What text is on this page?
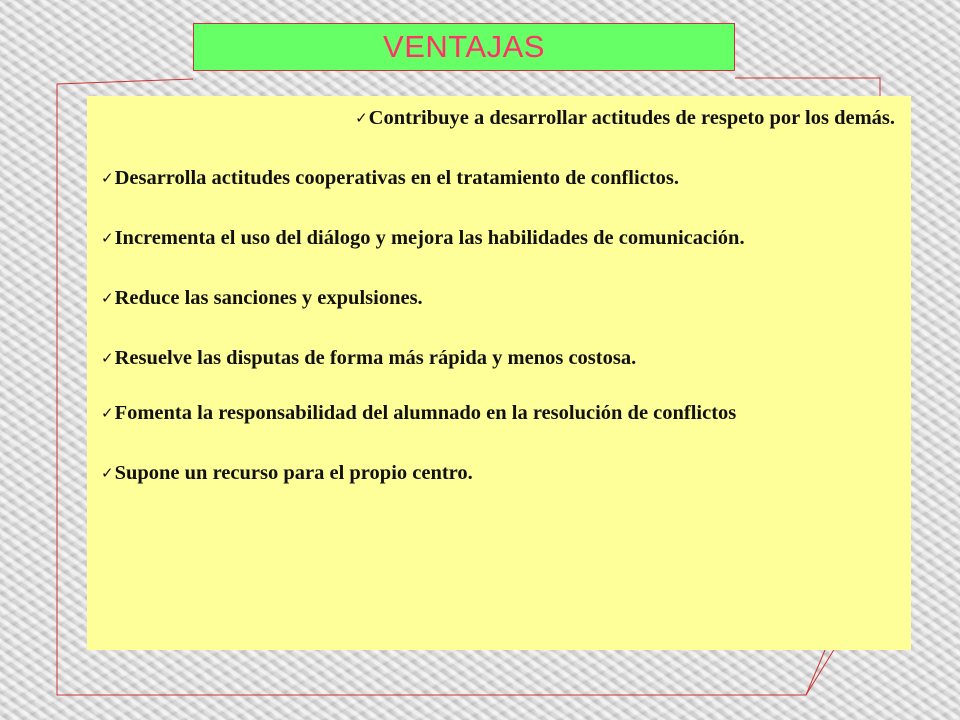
VENTAJAS
✓Contribuye a desarrollar actitudes de respeto por los demás.
✓Desarrolla actitudes cooperativas en el tratamiento de conflictos.
✓Incrementa el uso del diálogo y mejora las habilidades de comunicación.
✓Reduce las sanciones y expulsiones.
✓Resuelve las disputas de forma más rápida y menos costosa.
✓Fomenta la responsabilidad del alumnado en la resolución de conflictos
✓Supone un recurso para el propio centro.
